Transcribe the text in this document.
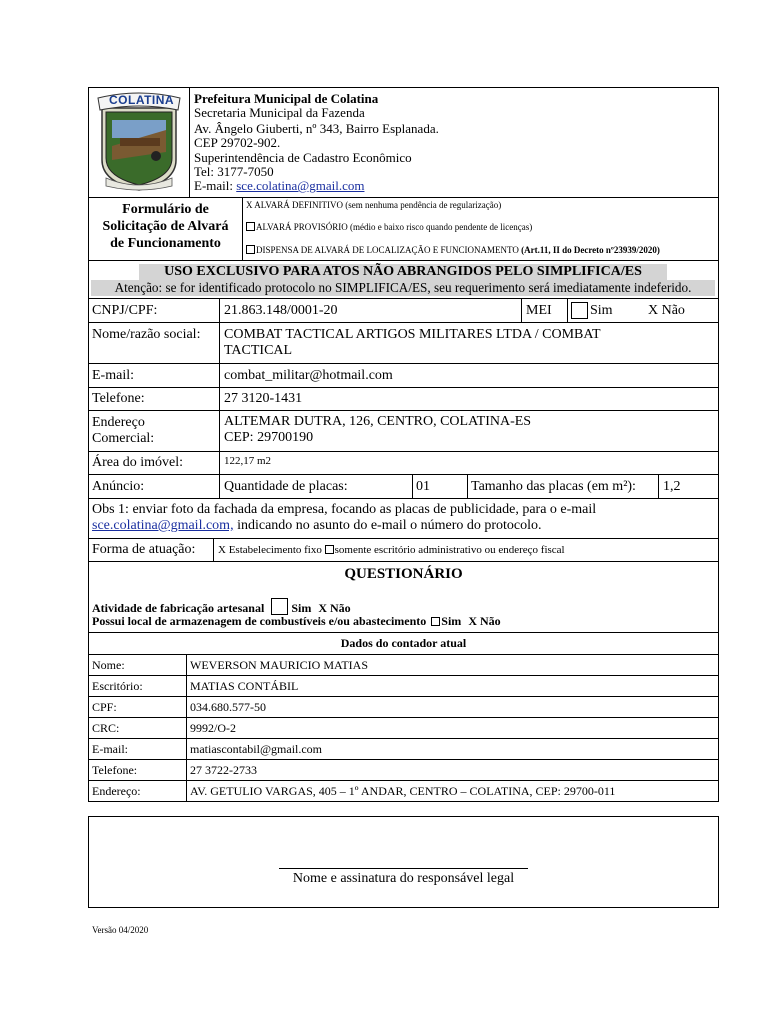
COLATINA Prefeitura Municipal de Colatina
Secretaria Municipal da Fazenda
Av. Ângelo Giuberti, nº 343, Bairro Esplanada.
CEP 29702-902.
Superintendência de Cadastro Econômico
Tel: 3177-7050
E-mail: sce.colatina@gmail.com
Formulário de
Solicitação de Alvará
de Funcionamento
X ALVARÁ DEFINITIVO (sem nenhuma pendência de regularização)
ALVARÁ PROVISÓRIO (médio e baixo risco quando pendente de licenças)
DISPENSA DE ALVARÁ DE LOCALIZAÇÃO E FUNCIONAMENTO (Art.11, II do Decreto nº23939/2020)
USO EXCLUSIVO PARA ATOS NÃO ABRANGIDOS PELO SIMPLIFICA/ES
Atenção: se for identificado protocolo no SIMPLIFICA/ES, seu requerimento será imediatamente indeferido.
CNPJ/CPF:	21.863.148/0001-20	MEI	Sim	X Não
Nome/razão social: COMBAT TACTICAL ARTIGOS MILITARES LTDA / COMBAT
TACTICAL
E-mail:	combat_militar@hotmail.com
Telefone:	27 3120-1431
Endereço
Comercial:
ALTEMAR DUTRA, 126, CENTRO, COLATINA-ES
CEP: 29700190
Área do imóvel:	122,17 m2
Anúncio:	Quantidade de placas:	01	Tamanho das placas (em m²): 1,2
Obs 1: enviar foto da fachada da empresa, focando as placas de publicidade, para o e-mail
sce.colatina@gmail.com, indicando no asunto do e-mail o número do protocolo.
Forma de atuação: X Estabelecimento fixo somente escritório administrativo ou endereço fiscal
QUESTIONÁRIO
Atividade de fabricação artesanal Sim X Não
Possui local de armazenagem de combustíveis e/ou abastecimento Sim X Não
Dados do contador atual
Nome:	WEVERSON MAURICIO MATIAS
Escritório:	MATIAS CONTÁBIL
CPF:	034.680.577-50
CRC:	9992/O-2
E-mail:	matiascontabil@gmail.com
Telefone:	27 3722-2733
Endereço:	AV. GETULIO VARGAS, 405 – 1º ANDAR, CENTRO – COLATINA, CEP: 29700-011
Nome e assinatura do responsável legal
Versão 04/2020
